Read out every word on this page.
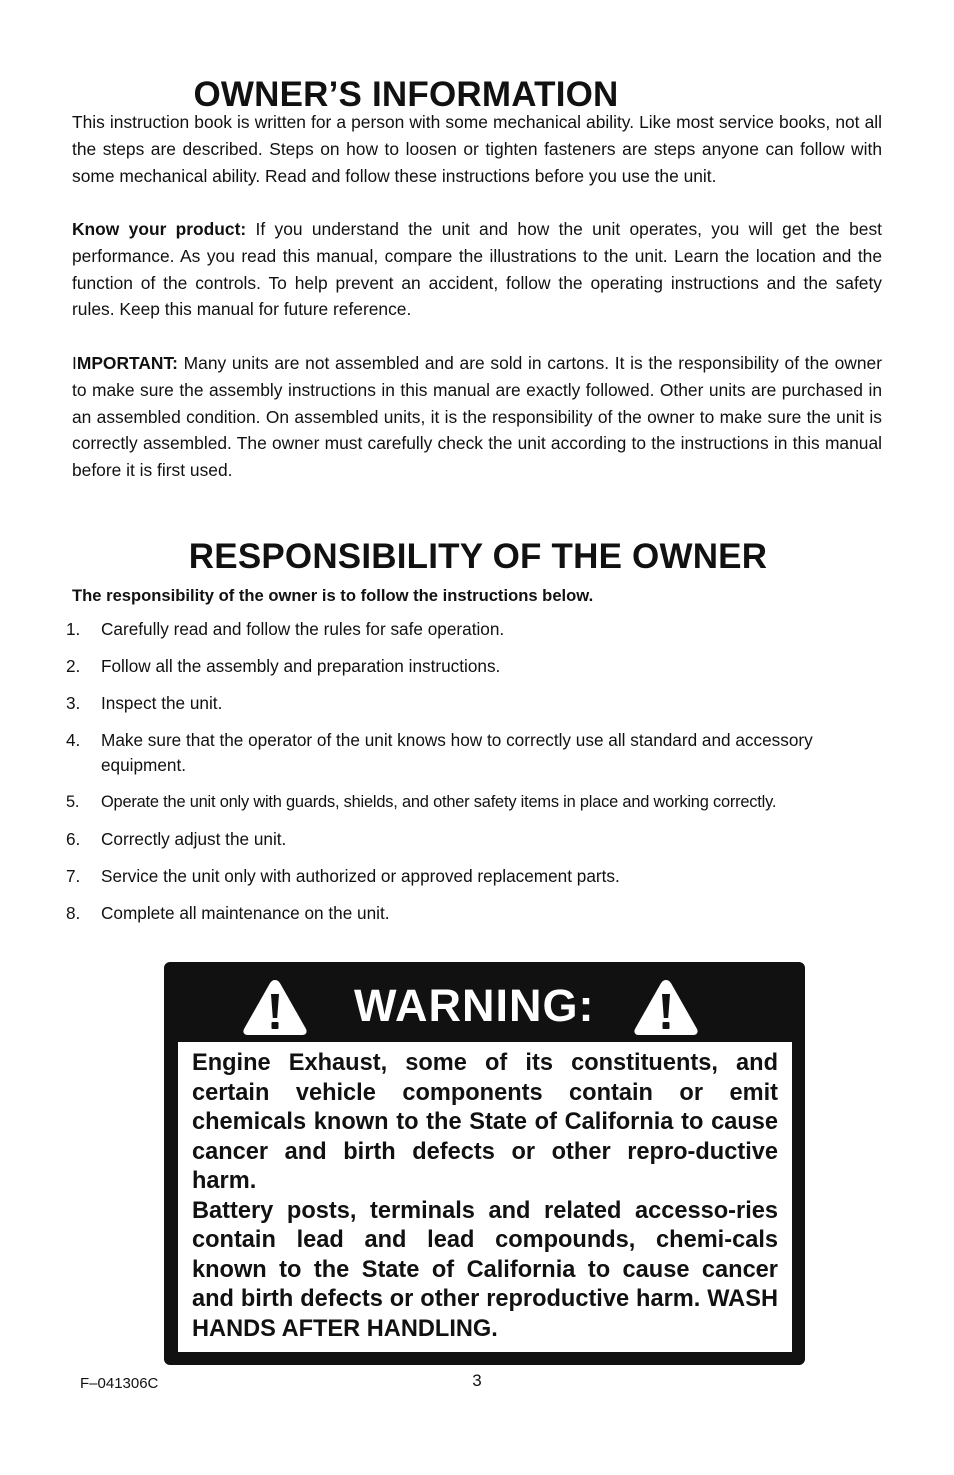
OWNER’S INFORMATION

This instruction book is written for a person with some mechanical ability. Like most service books, not all the steps are described. Steps on how to loosen or tighten fasteners are steps anyone can follow with some mechanical ability. Read and follow these instructions before you use the unit.

Know your product: If you understand the unit and how the unit operates, you will get the best performance. As you read this manual, compare the illustrations to the unit. Learn the location and the function of the controls. To help prevent an accident, follow the operating instructions and the safety rules. Keep this manual for future reference.

IMPORTANT: Many units are not assembled and are sold in cartons. It is the responsibility of the owner to make sure the assembly instructions in this manual are exactly followed. Other units are purchased in an assembled condition. On assembled units, it is the responsibility of the owner to make sure the unit is correctly assembled. The owner must carefully check the unit according to the instructions in this manual before it is first used.

RESPONSIBILITY OF THE OWNER

The responsibility of the owner is to follow the instructions below.

1. Carefully read and follow the rules for safe operation.
2. Follow all the assembly and preparation instructions.
3. Inspect the unit.
4. Make sure that the operator of the unit knows how to correctly use all standard and accessory equipment.
5. Operate the unit only with guards, shields, and other safety items in place and working correctly.
6. Correctly adjust the unit.
7. Service the unit only with authorized or approved replacement parts.
8. Complete all maintenance on the unit.

WARNING:

Engine Exhaust, some of its constituents, and certain vehicle components contain or emit chemicals known to the State of California to cause cancer and birth defects or other repro-ductive harm.

Battery posts, terminals and related accesso-ries contain lead and lead compounds, chemi-cals known to the State of California to cause cancer and birth defects or other reproductive harm. WASH HANDS AFTER HANDLING.

F–041306C	3
